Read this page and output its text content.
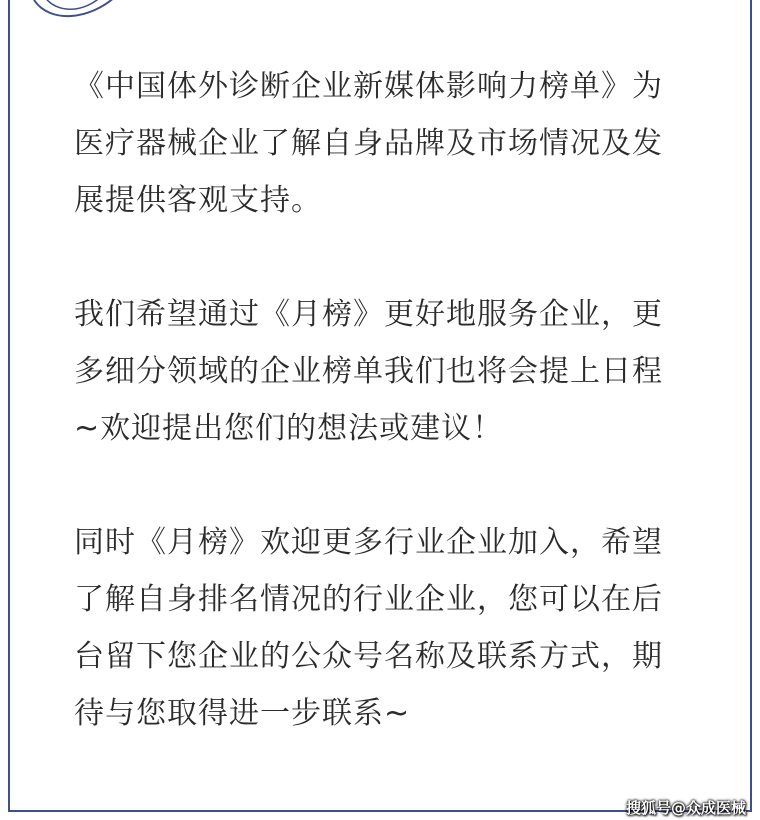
《中国体外诊断企业新媒体影响力榜单》为
医疗器械企业了解自身品牌及市场情况及发
展提供客观支持。

我们希望通过《月榜》更好地服务企业，更
多细分领域的企业榜单我们也将会提上日程
~欢迎提出您们的想法或建议！

同时《月榜》欢迎更多行业企业加入，希望
了解自身排名情况的行业企业，您可以在后
台留下您企业的公众号名称及联系方式，期
待与您取得进一步联系~

搜狐号@众成医械
